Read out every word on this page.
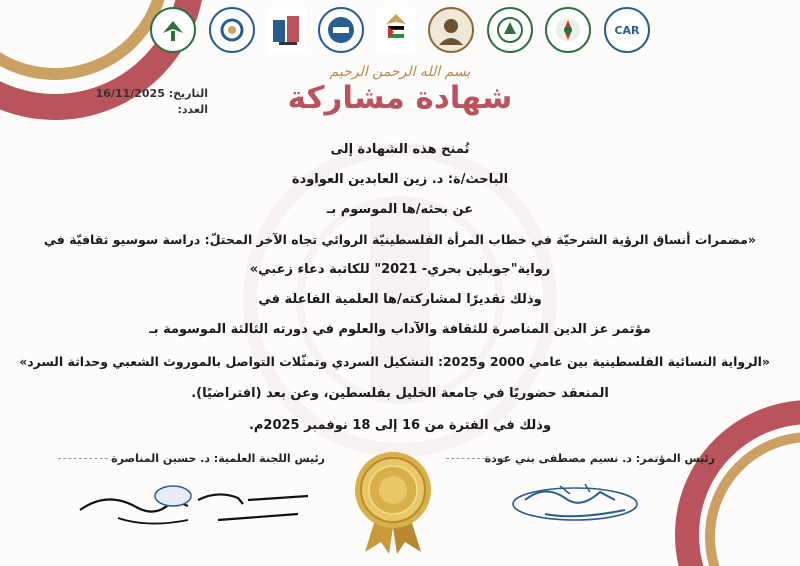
CAR
بسم الله الرحمن الرحيم
شهادة مشاركة
التاريخ: 16/11/2025
العدد:
تُمنح هذه الشهادة إلى
الباحث/ة: د. زين العابدين العواودة
عن بحثه/ها الموسوم بـ
«مضمرات أنساق الرؤية الشرحيّة في خطاب المرأة الفلسطينيّة الروائي تجاه الآخر المحتلّ: دراسة سوسيو ثقافيّة في
رواية"جوبلين بحري- 2021" للكاتبة دعاء زعبي»
وذلك تقديرًا لمشاركته/ها العلمية الفاعلة في
مؤتمر عز الدين المناصرة للثقافة والآداب والعلوم في دورته الثالثة الموسومة بـ
«الرواية النسائية الفلسطينية بين عامي 2000 و2025: التشكيل السردي وتمثّلات التواصل بالموروث الشعبي وحداثة السرد»
المنعقد حضوريًا في جامعة الخليل بفلسطين، وعن بعد (افتراضيًا).
وذلك في الفترة من 16 إلى 18 نوفمبر 2025م.
رئيس اللجنة العلمية: د. حسين المناصرة	رئيس المؤتمر: د. نسيم مصطفى بني عودة
